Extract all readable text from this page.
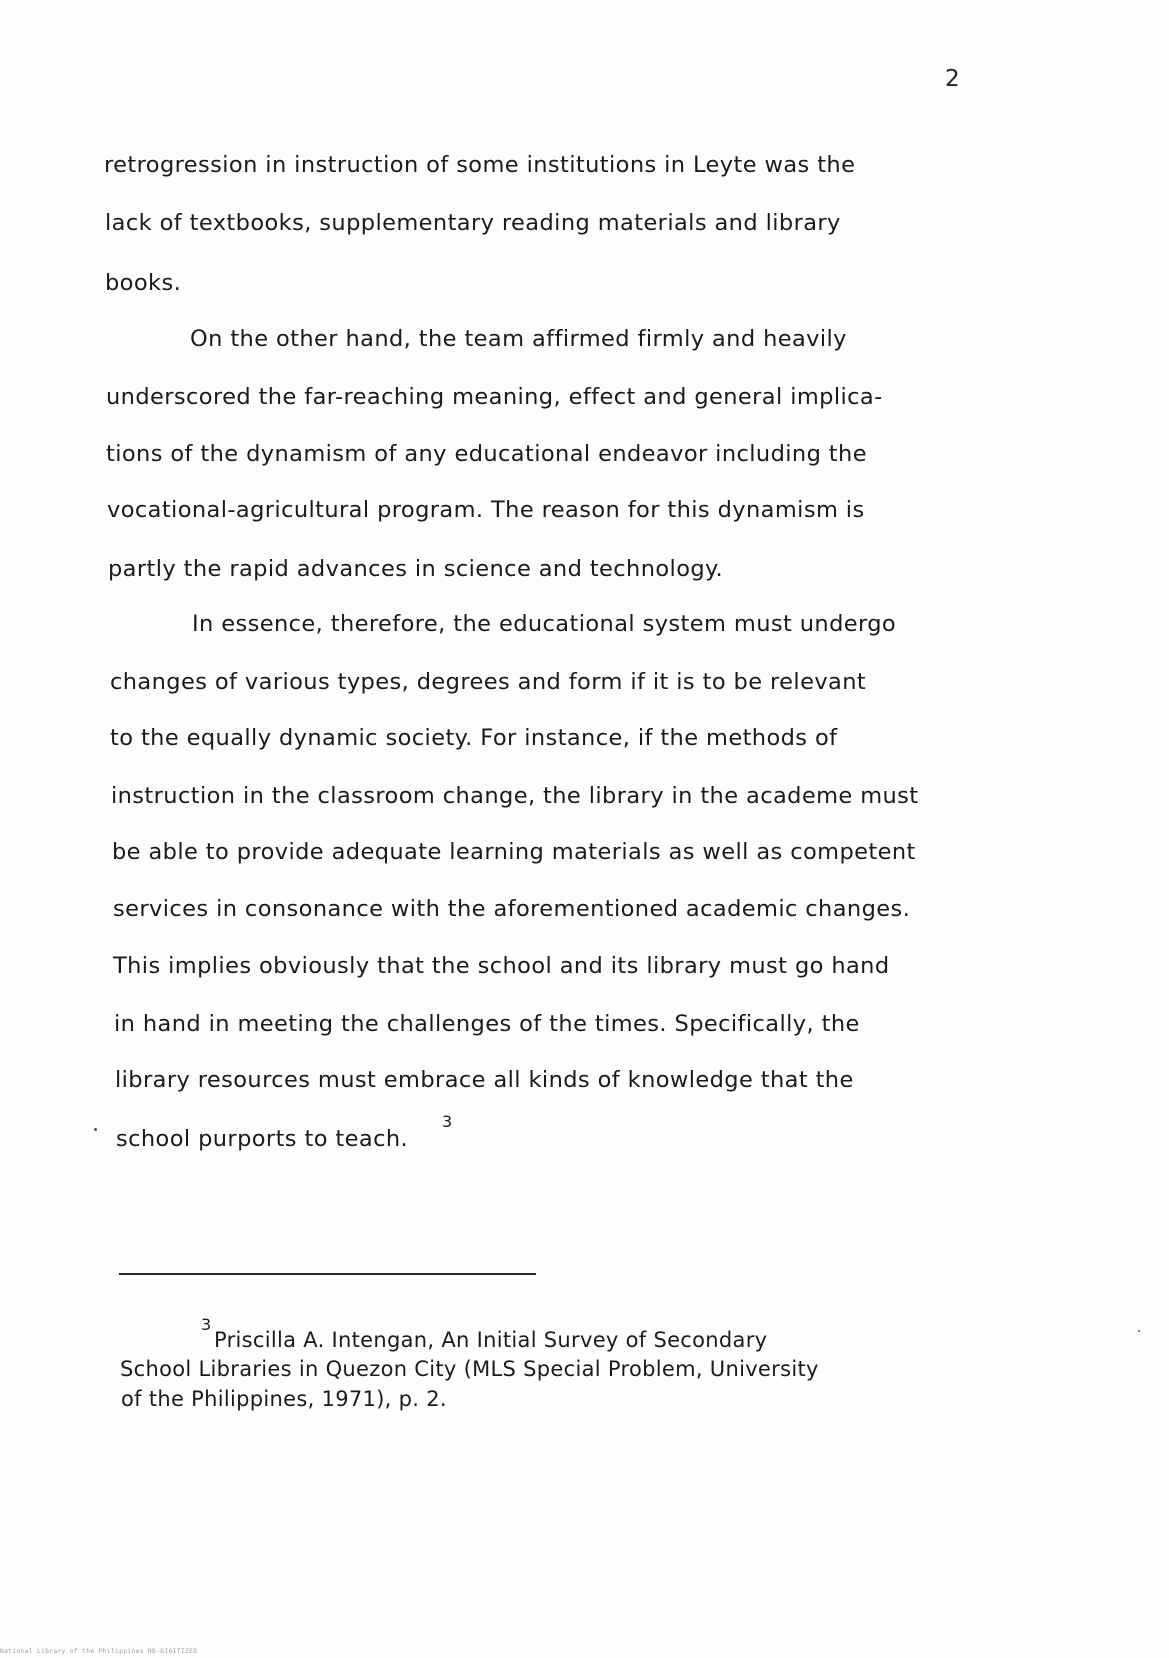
2
retrogression in instruction of some institutions in Leyte was the
lack of textbooks, supplementary reading materials and library
books.
On the other hand, the team affirmed firmly and heavily
underscored the far-reaching meaning, effect and general implica-
tions of the dynamism of any educational endeavor including the
vocational-agricultural program. The reason for this dynamism is
partly the rapid advances in science and technology.
In essence, therefore, the educational system must undergo
changes of various types, degrees and form if it is to be relevant
to the equally dynamic society. For instance, if the methods of
instruction in the classroom change, the library in the academe must
be able to provide adequate learning materials as well as competent
services in consonance with the aforementioned academic changes.
This implies obviously that the school and its library must go hand
in hand in meeting the challenges of the times. Specifically, the
library resources must embrace all kinds of knowledge that the
school purports to teach.
3
3
Priscilla A. Intengan, An Initial Survey of Secondary
School Libraries in Quezon City (MLS Special Problem, University
of the Philippines, 1971), p. 2.
National Library of the Philippines ND-DIGITIZED
